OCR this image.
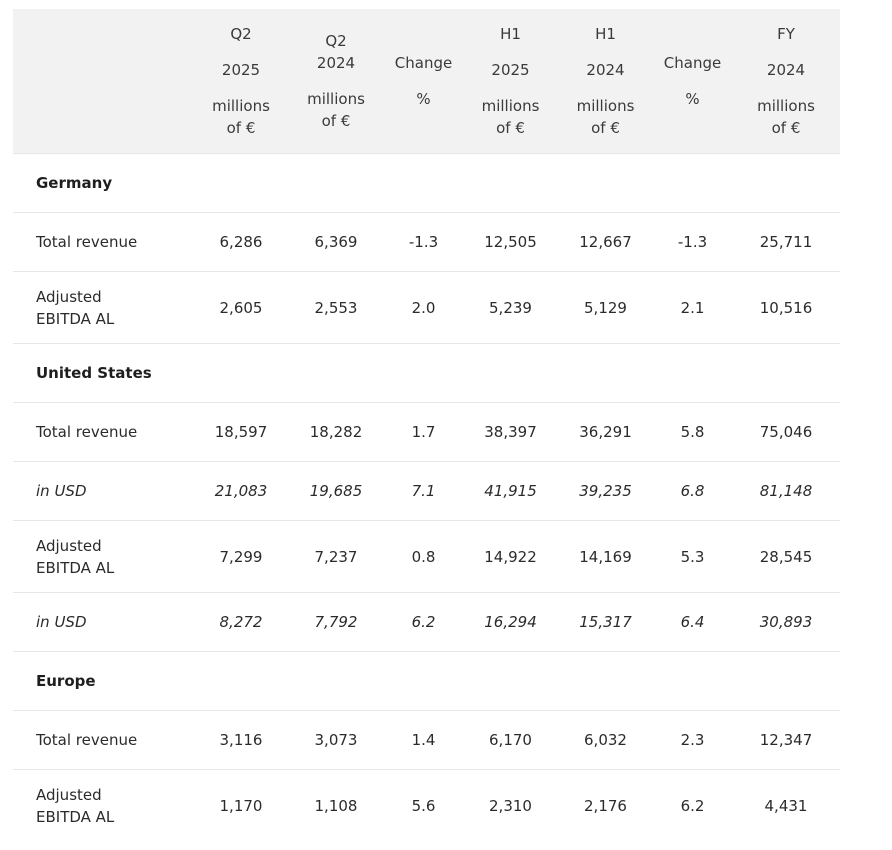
	Q2
2025
millions
of €	Q2
2024
millions
of €	Change
%	H1
2025
millions
of €	H1
2024
millions
of €	Change
%	FY
2024
millions
of €

Germany							
Total revenue	6,286	6,369	-1.3	12,505	12,667	-1.3	25,711

Adjusted
EBITDA AL	2,605	2,553	2.0	5,239	5,129	2.1	10,516
United States							
Total revenue	18,597	18,282	1.7	38,397	36,291	5.8	75,046
in USD	21,083	19,685	7.1	41,915	39,235	6.8	81,148

Adjusted
EBITDA AL	7,299	7,237	0.8	14,922	14,169	5.3	28,545
in USD	8,272	7,792	6.2	16,294	15,317	6.4	30,893
Europe							
Total revenue	3,116	3,073	1.4	6,170	6,032	2.3	12,347

Adjusted
EBITDA AL	1,170	1,108	5.6	2,310	2,176	6.2	4,431
